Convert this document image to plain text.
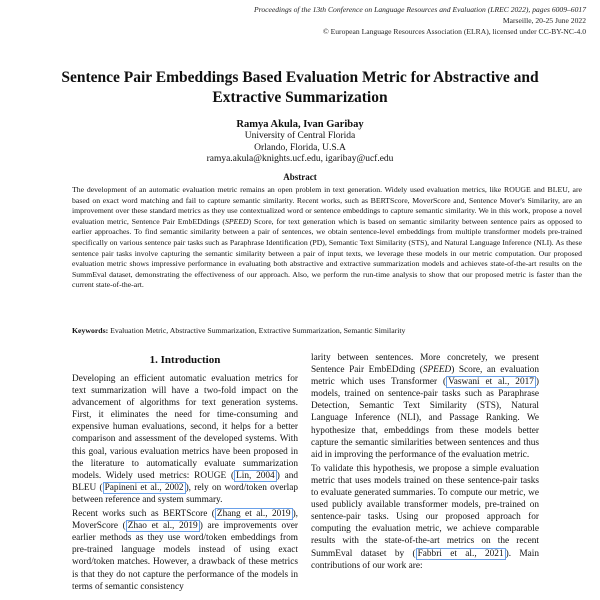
Proceedings of the 13th Conference on Language Resources and Evaluation (LREC 2022), pages 6009–6017
Marseille, 20-25 June 2022
© European Language Resources Association (ELRA), licensed under CC-BY-NC-4.0
Sentence Pair Embeddings Based Evaluation Metric for Abstractive and Extractive Summarization
Ramya Akula, Ivan Garibay
University of Central Florida
Orlando, Florida, U.S.A
ramya.akula@knights.ucf.edu, igaribay@ucf.edu
Abstract

The development of an automatic evaluation metric remains an open problem in text generation. Widely used evaluation metrics, like ROUGE and BLEU, are based on exact word matching and fail to capture semantic similarity. Recent works, such as BERTScore, MoverScore and, Sentence Mover's Similarity, are an improvement over these standard metrics as they use contextualized word or sentence embeddings to capture semantic similarity. We in this work, propose a novel evaluation metric, Sentence Pair EmbEDdings (SPEED) Score, for text generation which is based on semantic similarity between sentence pairs as opposed to earlier approaches. To find semantic similarity between a pair of sentences, we obtain sentence-level embeddings from multiple transformer models pre-trained specifically on various sentence pair tasks such as Paraphrase Identification (PD), Semantic Text Similarity (STS), and Natural Language Inference (NLI). As these sentence pair tasks involve capturing the semantic similarity between a pair of input texts, we leverage these models in our metric computation. Our proposed evaluation metric shows impressive performance in evaluating both abstractive and extractive summarization models and achieves state-of-the-art results on the SummEval dataset, demonstrating the effectiveness of our approach. Also, we perform the run-time analysis to show that our proposed metric is faster than the current state-of-the-art.

Keywords: Evaluation Metric, Abstractive Summarization, Extractive Summarization, Semantic Similarity

1. Introduction

Developing an efficient automatic evaluation metrics for text summarization will have a two-fold impact on the advancement of algorithms for text generation systems. First, it eliminates the need for time-consuming and expensive human evaluations, second, it helps for a better comparison and assessment of the developed systems. With this goal, various evaluation metrics have been proposed in the literature to automatically evaluate summarization models. Widely used metrics: ROUGE ( Lin, 2004 ) and BLEU ( Papineni et al., 2002 ), rely on word/token overlap between reference and system summary.

Recent works such as BERTScore ( Zhang et al., 2019 ), MoverScore ( Zhao et al., 2019 ) are improvements over earlier methods as they use word/token embeddings from pre-trained language models instead of using exact word/token matches. However, a drawback of these metrics is that they do not capture the performance of the models in terms of semantic consistency

larity between sentences. More concretely, we present Sentence Pair EmbEDding (SPEED) Score, an evaluation metric which uses Transformer ( Vaswani et al., 2017 ) models, trained on sentence-pair tasks such as Paraphrase Detection, Semantic Text Similarity (STS), Natural Language Inference (NLI), and Passage Ranking. We hypothesize that, embeddings from these models better capture the semantic similarities between sentences and thus aid in improving the performance of the evaluation metric.

To validate this hypothesis, we propose a simple evaluation metric that uses models trained on these sentence-pair tasks to evaluate generated summaries. To compute our metric, we used publicly available transformer models, pre-trained on sentence-pair tasks. Using our proposed approach for computing the evaluation metric, we achieve comparable results with the state-of-the-art metrics on the recent SummEval dataset by ( Fabbri et al., 2021 ). Main contributions of our work are:
